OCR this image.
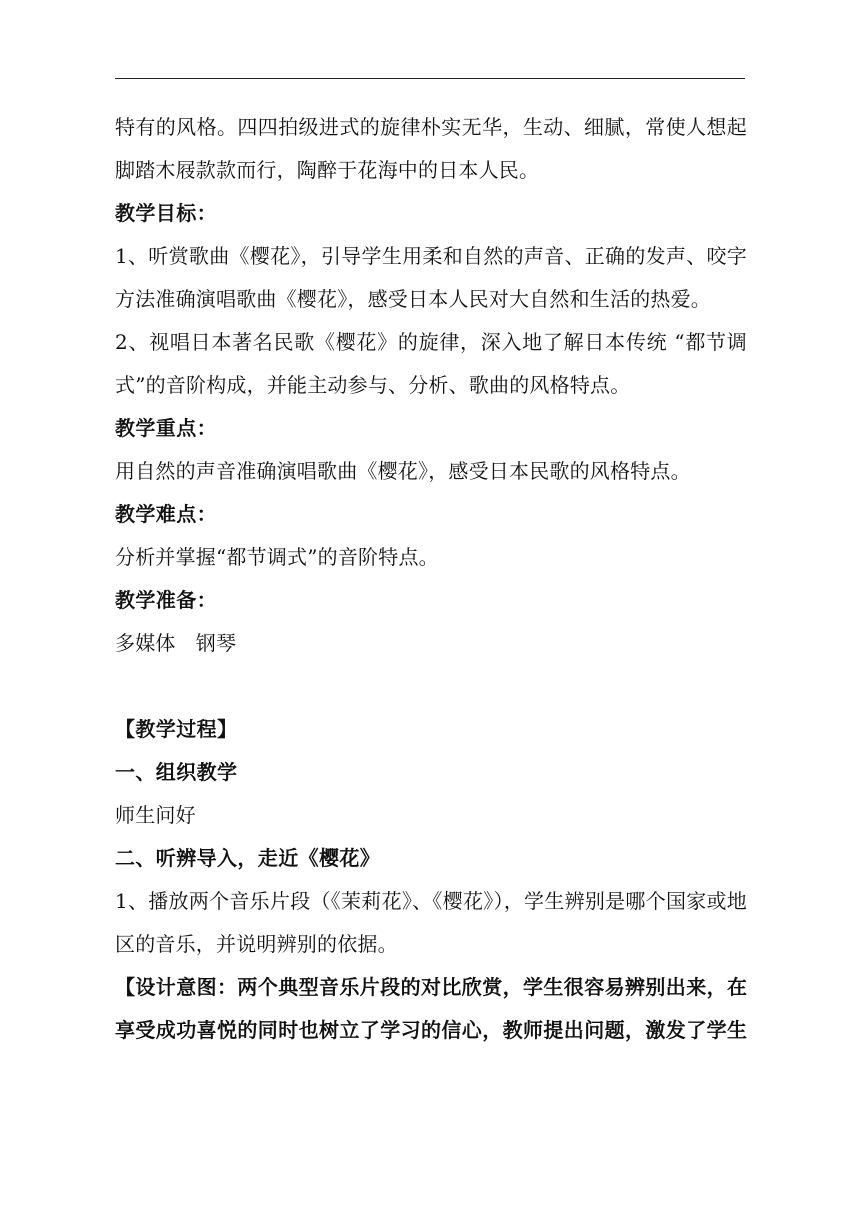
特有的风格。四四拍级进式的旋律朴实无华，生动、细腻，常使人想起
脚踏木屐款款而行，陶醉于花海中的日本人民。
教学目标：
1、听赏歌曲《樱花》，引导学生用柔和自然的声音、正确的发声、咬字
方法准确演唱歌曲《樱花》，感受日本人民对大自然和生活的热爱。
2、视唱日本著名民歌《樱花》的旋律，深入地了解日本传统 “都节调
式”的音阶构成，并能主动参与、分析、歌曲的风格特点。
教学重点：
用自然的声音准确演唱歌曲《樱花》，感受日本民歌的风格特点。
教学难点：
分析并掌握“都节调式”的音阶特点。
教学准备：
多媒体　钢琴
【教学过程】
一、组织教学
师生问好
二、听辨导入，走近《樱花》
1、播放两个音乐片段（《茉莉花》、《樱花》），学生辨别是哪个国家或地
区的音乐，并说明辨别的依据。
【设计意图：两个典型音乐片段的对比欣赏，学生很容易辨别出来，在
享受成功喜悦的同时也树立了学习的信心，教师提出问题，激发了学生
